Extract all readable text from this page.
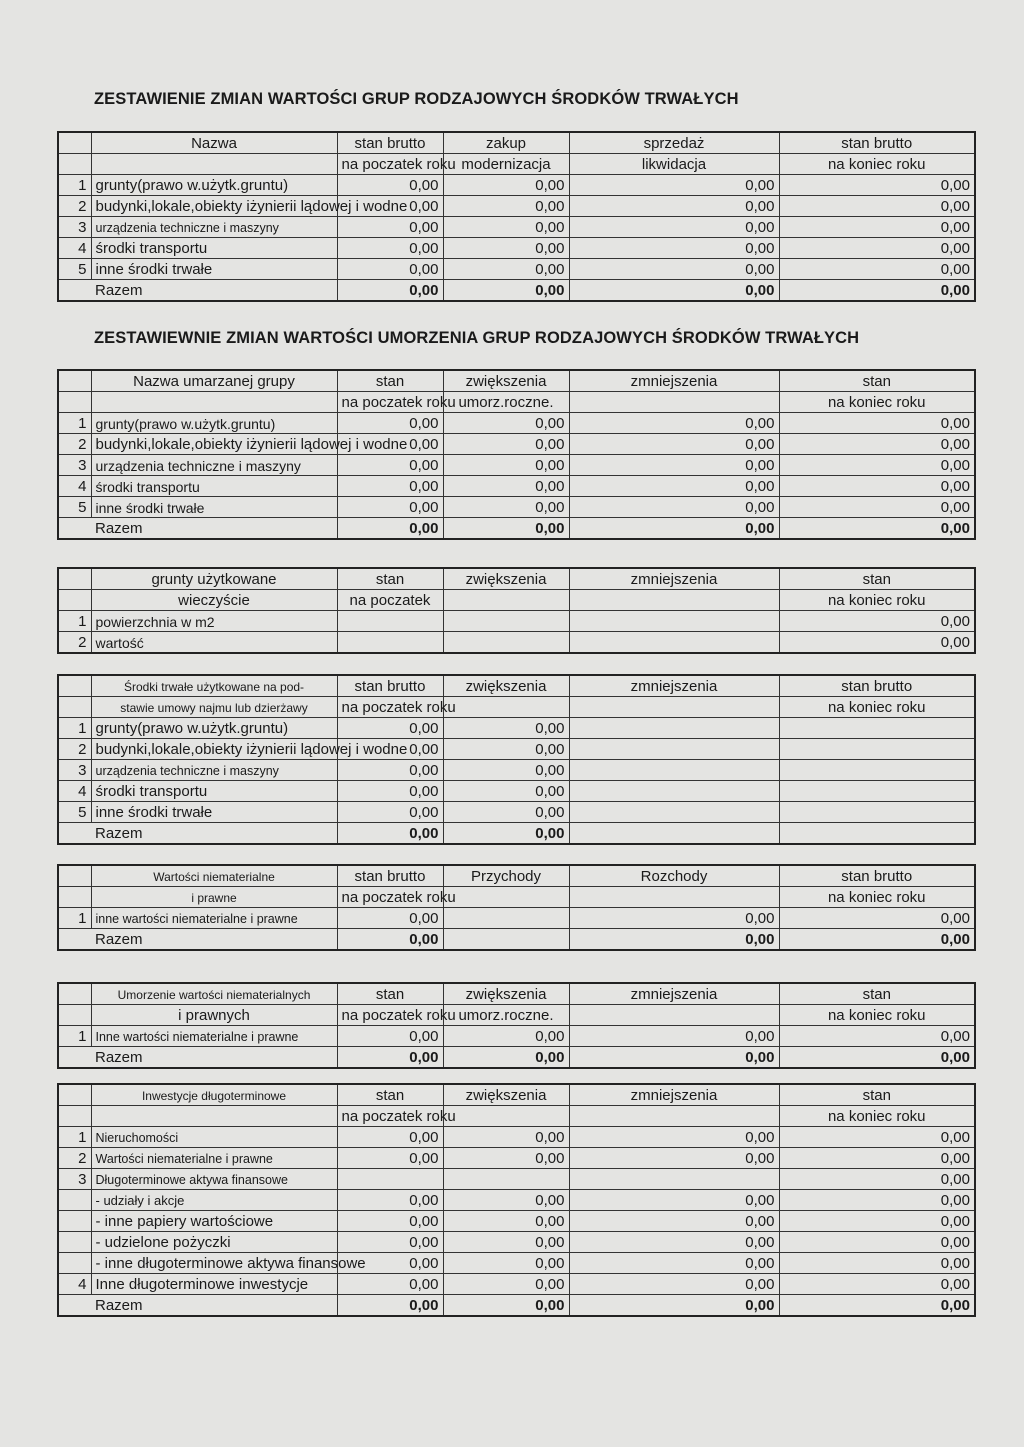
ZESTAWIENIE ZMIAN WARTOŚCI GRUP RODZAJOWYCH ŚRODKÓW TRWAŁYCH
	Nazwa	stan brutto	zakup	sprzedaż	stan brutto
		na poczatek roku	modernizacja	likwidacja	na koniec roku
1	grunty(prawo w.użytk.gruntu)	0,00	0,00	0,00	0,00
2	budynki,lokale,obiekty iżynierii lądowej i wodne	0,00	0,00	0,00	0,00
3	urządzenia techniczne i maszyny	0,00	0,00	0,00	0,00
4	środki transportu	0,00	0,00	0,00	0,00
5	inne środki trwałe	0,00	0,00	0,00	0,00
Razem		0,00	0,00	0,00	0,00
ZESTAWIEWNIE ZMIAN WARTOŚCI UMORZENIA GRUP RODZAJOWYCH ŚRODKÓW TRWAŁYCH
	Nazwa umarzanej grupy	stan	zwiększenia	zmniejszenia	stan
		na poczatek roku	umorz.roczne.		na koniec roku
1	grunty(prawo w.użytk.gruntu)	0,00	0,00	0,00	0,00
2	budynki,lokale,obiekty iżynierii lądowej i wodne	0,00	0,00	0,00	0,00
3	urządzenia techniczne i maszyny	0,00	0,00	0,00	0,00
4	środki transportu	0,00	0,00	0,00	0,00
5	inne środki trwałe	0,00	0,00	0,00	0,00
Razem		0,00	0,00	0,00	0,00
	grunty użytkowane	stan	zwiększenia	zmniejszenia	stan
	wieczyście	na poczatek			na koniec roku
1	powierzchnia w m2				0,00
2	wartość				0,00
	Środki trwałe użytkowane na pod-	stan brutto	zwiększenia	zmniejszenia	stan brutto
	stawie umowy najmu lub dzierżawy	na poczatek roku			na koniec roku
1	grunty(prawo w.użytk.gruntu)	0,00	0,00		
2	budynki,lokale,obiekty iżynierii lądowej i wodne	0,00	0,00		
3	urządzenia techniczne i maszyny	0,00	0,00		
4	środki transportu	0,00	0,00		
5	inne środki trwałe	0,00	0,00		
Razem		0,00	0,00		
	Wartości niematerialne	stan brutto	Przychody	Rozchody	stan brutto
	i prawne	na poczatek roku			na koniec roku
1	inne wartości niematerialne i prawne	0,00		0,00	0,00
Razem		0,00		0,00	0,00
	Umorzenie wartości niematerialnych	stan	zwiększenia	zmniejszenia	stan
	i prawnych	na poczatek roku	umorz.roczne.		na koniec roku
1	Inne wartości niematerialne i prawne	0,00	0,00	0,00	0,00
Razem		0,00	0,00	0,00	0,00
	Inwestycje długoterminowe	stan	zwiększenia	zmniejszenia	stan
		na poczatek roku			na koniec roku
1	Nieruchomości	0,00	0,00	0,00	0,00
2	Wartości niematerialne i prawne	0,00	0,00	0,00	0,00
3	Długoterminowe aktywa finansowe				0,00
	- udziały i akcje	0,00	0,00	0,00	0,00
	- inne papiery wartościowe	0,00	0,00	0,00	0,00
	- udzielone pożyczki	0,00	0,00	0,00	0,00
	- inne długoterminowe aktywa finansowe	0,00	0,00	0,00	0,00
4	Inne długoterminowe inwestycje	0,00	0,00	0,00	0,00
Razem		0,00	0,00	0,00	0,00
